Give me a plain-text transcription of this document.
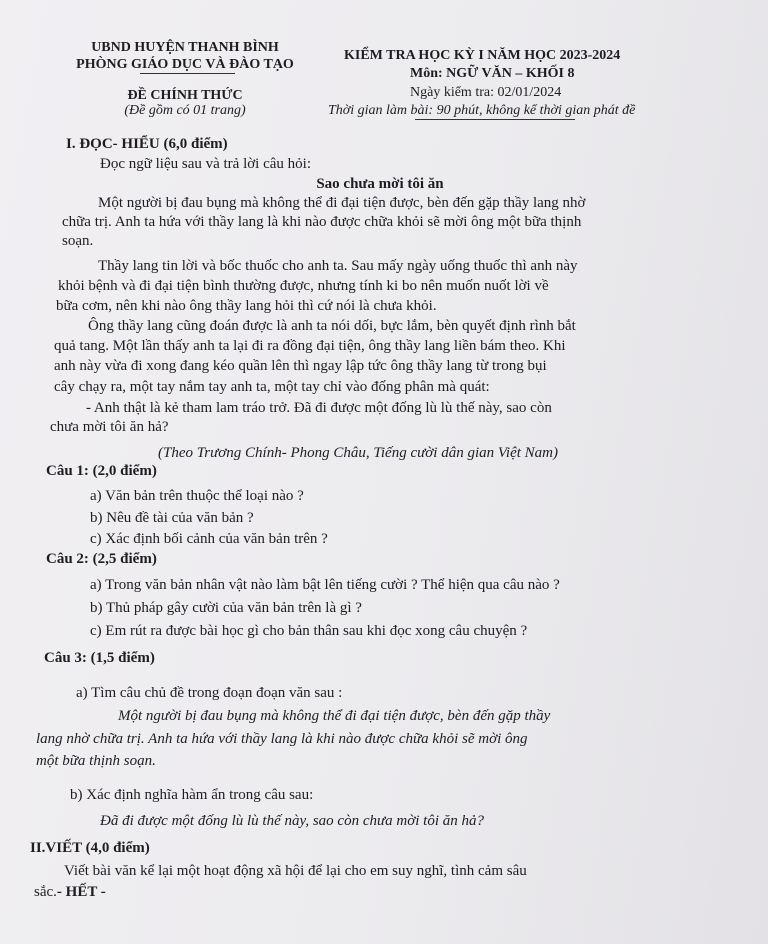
UBND HUYỆN THANH BÌNH
PHÒNG GIÁO DỤC VÀ ĐÀO TẠO
ĐỀ CHÍNH THỨC
(Đề gồm có 01 trang)
KIỂM TRA HỌC KỲ I NĂM HỌC 2023-2024
Môn: NGỮ VĂN – KHỐI 8
Ngày kiểm tra: 02/01/2024
Thời gian làm bài: 90 phút, không kể thời gian phát đề
I. ĐỌC- HIỂU (6,0 điểm)
Đọc ngữ liệu sau và trả lời câu hỏi:
Sao chưa mời tôi ăn
Một người bị đau bụng mà không thể đi đại tiện được, bèn đến gặp thầy lang nhờ
chữa trị. Anh ta hứa với thầy lang là khi nào được chữa khỏi sẽ mời ông một bữa thịnh
soạn.
Thầy lang tin lời và bốc thuốc cho anh ta. Sau mấy ngày uống thuốc thì anh này
khỏi bệnh và đi đại tiện bình thường được, nhưng tính ki bo nên muốn nuốt lời về
bữa cơm, nên khi nào ông thầy lang hỏi thì cứ nói là chưa khỏi.
Ông thầy lang cũng đoán được là anh ta nói dối, bực lắm, bèn quyết định rình bắt
quả tang. Một lần thấy anh ta lại đi ra đồng đại tiện, ông thầy lang liền bám theo. Khi
anh này vừa đi xong đang kéo quần lên thì ngay lập tức ông thầy lang từ trong bụi
cây chạy ra, một tay nắm tay anh ta, một tay chỉ vào đống phân mà quát:
- Anh thật là kẻ tham lam tráo trở. Đã đi được một đống lù lù thế này, sao còn
chưa mời tôi ăn hả?
(Theo Trương Chính- Phong Châu, Tiếng cười dân gian Việt Nam)
Câu 1: (2,0 điểm)
a) Văn bản trên thuộc thể loại nào ?
b) Nêu đề tài của văn bản ?
c) Xác định bối cảnh của văn bản trên ?
Câu 2: (2,5 điểm)
a) Trong văn bản nhân vật nào làm bật lên tiếng cười ? Thể hiện qua câu nào ?
b) Thủ pháp gây cười của văn bản trên là gì ?
c) Em rút ra được bài học gì cho bản thân sau khi đọc xong câu chuyện ?
Câu 3: (1,5 điểm)
a) Tìm câu chủ đề trong đoạn đoạn văn sau :
Một người bị đau bụng mà không thể đi đại tiện được, bèn đến gặp thầy
lang nhờ chữa trị. Anh ta hứa với thầy lang là khi nào được chữa khỏi sẽ mời ông
một bữa thịnh soạn.
b) Xác định nghĩa hàm ẩn trong câu sau:
Đã đi được một đống lù lù thế này, sao còn chưa mời tôi ăn hả?
II.VIẾT (4,0 điểm)
Viết bài văn kể lại một hoạt động xã hội để lại cho em suy nghĩ, tình cảm sâu
sắc.- HẾT -
